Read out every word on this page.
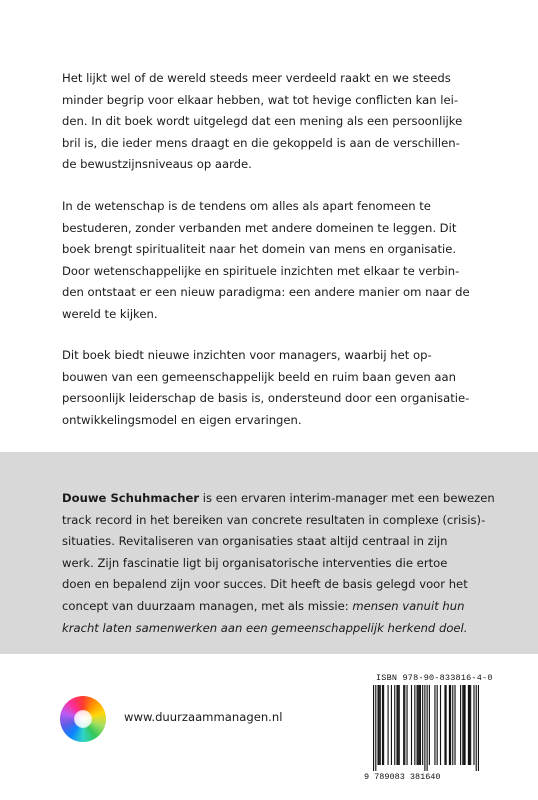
Het lijkt wel of de wereld steeds meer verdeeld raakt en we steeds
minder begrip voor elkaar hebben, wat tot hevige conflicten kan lei-
den. In dit boek wordt uitgelegd dat een mening als een persoonlijke
bril is, die ieder mens draagt en die gekoppeld is aan de verschillen-
de bewustzijnsniveaus op aarde.
In de wetenschap is de tendens om alles als apart fenomeen te
bestuderen, zonder verbanden met andere domeinen te leggen. Dit
boek brengt spiritualiteit naar het domein van mens en organisatie.
Door wetenschappelijke en spirituele inzichten met elkaar te verbin-
den ontstaat er een nieuw paradigma: een andere manier om naar de
wereld te kijken.
Dit boek biedt nieuwe inzichten voor managers, waarbij het op-
bouwen van een gemeenschappelijk beeld en ruim baan geven aan
persoonlijk leiderschap de basis is, ondersteund door een organisatie-
ontwikkelingsmodel en eigen ervaringen.
Douwe Schuhmacher is een ervaren interim-manager met een bewezen
track record in het bereiken van concrete resultaten in complexe (crisis)-
situaties. Revitaliseren van organisaties staat altijd centraal in zijn
werk. Zijn fascinatie ligt bij organisatorische interventies die ertoe
doen en bepalend zijn voor succes. Dit heeft de basis gelegd voor het
concept van duurzaam managen, met als missie: mensen vanuit hun
kracht laten samenwerken aan een gemeenschappelijk herkend doel.
www.duurzaammanagen.nl
ISBN 978-90-833816-4-0
9 789083 381640
